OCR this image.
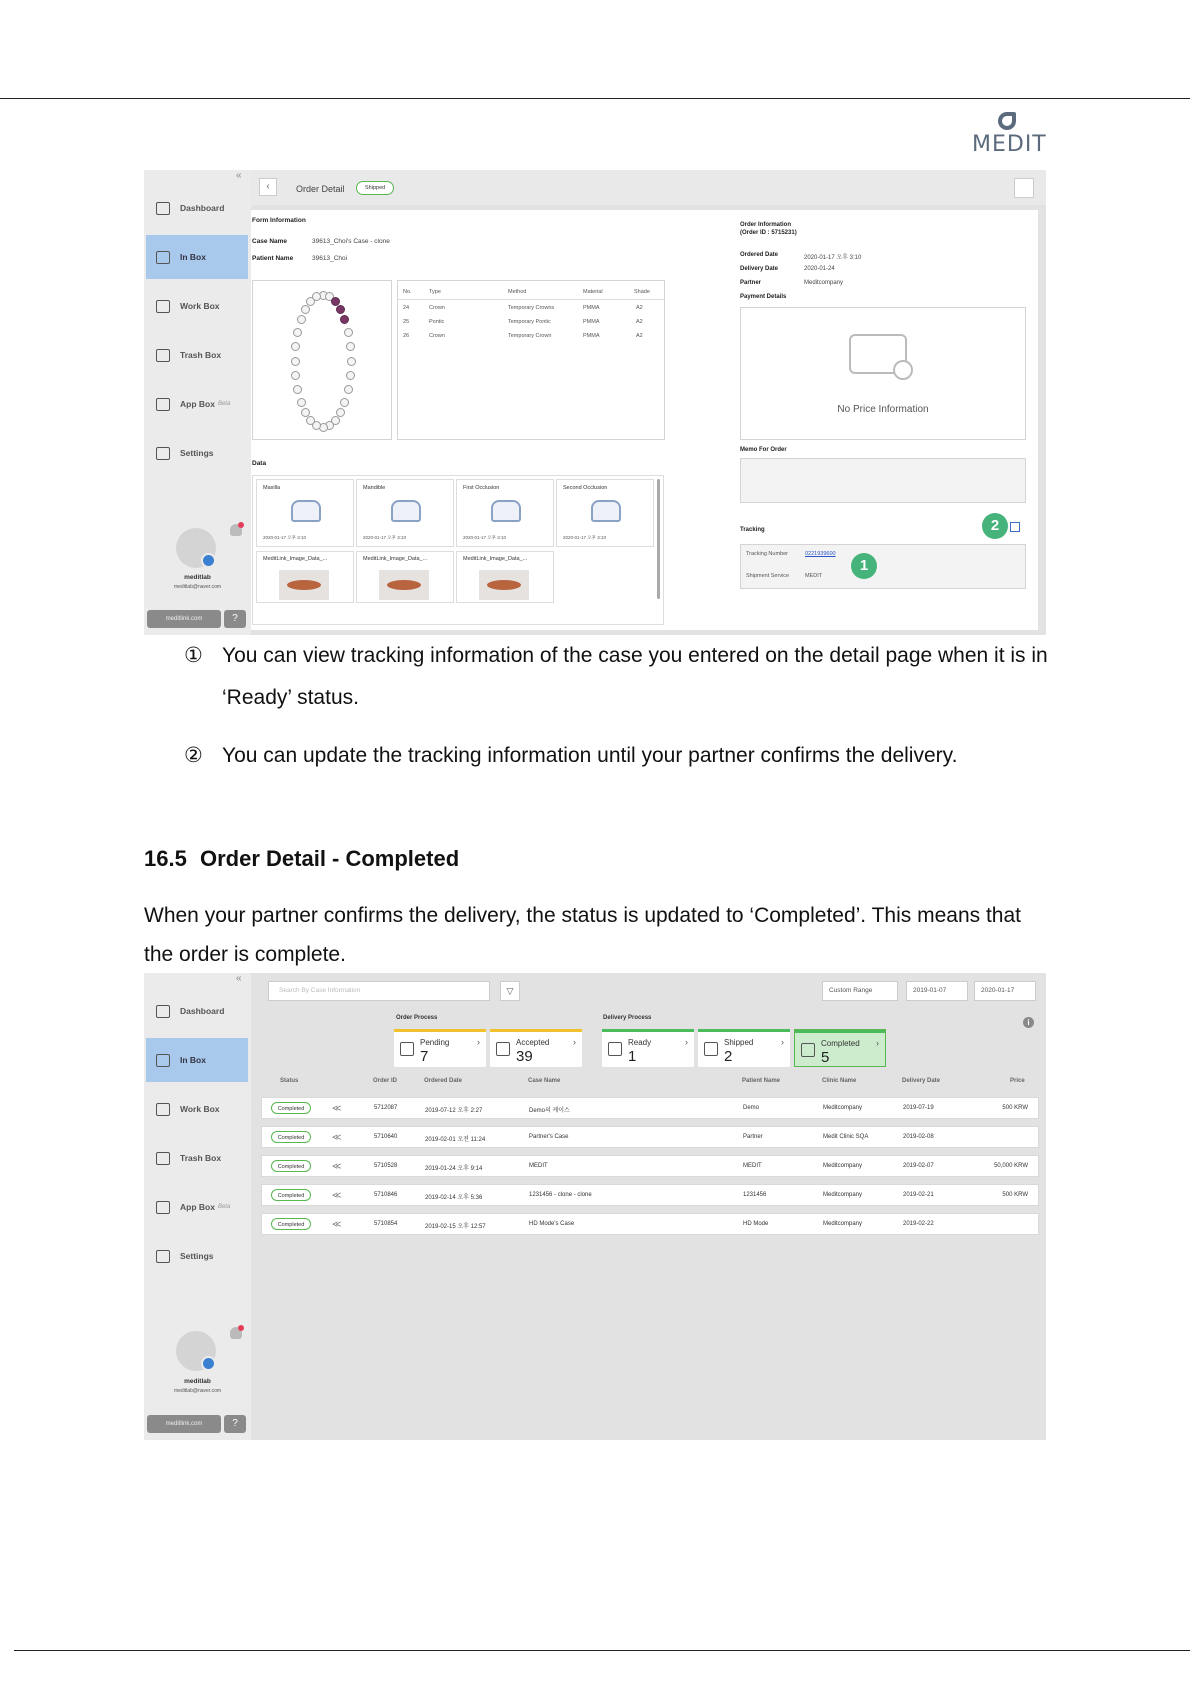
MEDIT
«
Dashboard
In Box
Work Box
Trash Box
App Box Beta
Settings
meditlab
meditlab@naver.com
meditlink.com	?
‹	Order Detail	Shipped
Form Information
Case Name	39613_Choi's Case - clone
Patient Name	39613_Choi
No.	Type	Method	Material	Shade
24	Crown	Temporary Crowns	PMMA	A2
25	Pontic	Temporary Pontic	PMMA	A2
26	Crown	Temporary Crown	PMMA	A2
Data
Maxilla
2020-01-17 오후 3:10
Mandible
2020-01-17 오후 3:10
First Occlusion
2020-01-17 오후 3:10
Second Occlusion
2020-01-17 오후 3:10
MeditLink_Image_Data_...	MeditLink_Image_Data_...	MeditLink_Image_Data_...
Order Information
(Order ID : 5715231)
Ordered Date	2020-01-17 오후 3:10
Delivery Date	2020-01-24
Partner	Meditcompany
Payment Details
No Price Information
Memo For Order
Tracking	2
Tracking Number	0221939600
Shipment Service	MEDIT
1
① You can view tracking information of the case you entered on the detail page when it is in
‘Ready’ status.
② You can update the tracking information until your partner confirms the delivery.
16.5 Order Detail - Completed
When your partner confirms the delivery, the status is updated to ‘Completed’. This means that
the order is complete.
«
Dashboard
In Box
Work Box
Trash Box
App Box Beta
Settings
meditlab
meditlab@naver.com
meditlink.com	?
Search By Case Information	▽	Custom Range	2019-01-07	2020-01-17
Order Process	Delivery Process	i
Pending
7
›	Accepted
39
›	Ready
1
›	Shipped
2
›	Completed
5
›
Status	Order ID	Ordered Date	Case Name	Patient Name	Clinic Name	Delivery Date	Price
Completed	≪	5712087	2019-07-12 오후 2:27	Demo의 케이스	Demo	Meditcompany	2019-07-19	500 KRW
Completed	≪	5710640	2019-02-01 오전 11:24	Partner's Case	Partner	Medit Clinic SQA	2019-02-08
Completed	≪	5710528	2019-01-24 오후 9:14	MEDIT	MEDIT	Meditcompany	2019-02-07	50,000 KRW
Completed	≪	5710846	2019-02-14 오후 5:36	1231456 - clone - clone	1231456	Meditcompany	2019-02-21	500 KRW
Completed	≪	5710854	2019-02-15 오후 12:57	HD Mode's Case	HD Mode	Meditcompany	2019-02-22
